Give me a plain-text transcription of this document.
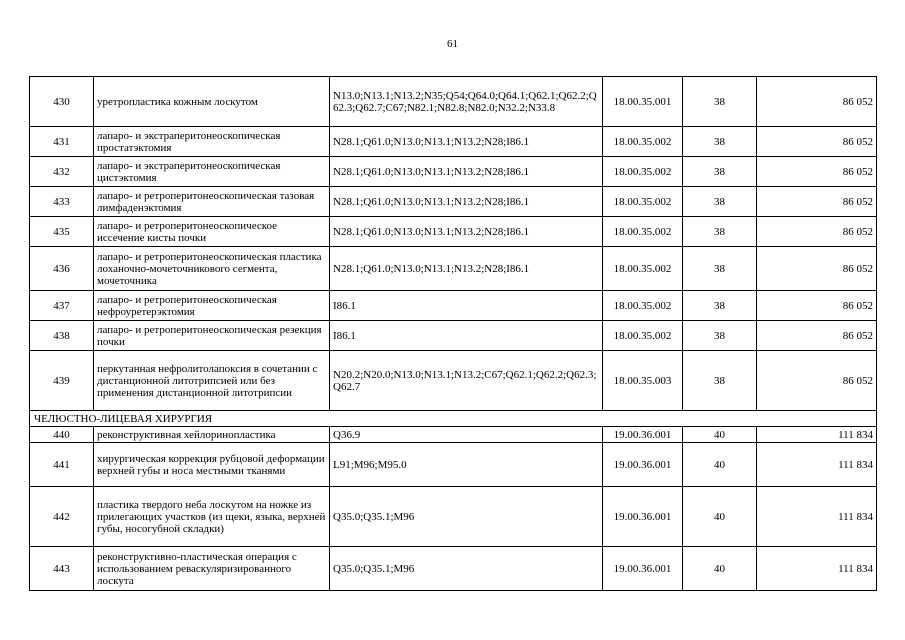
61
430	уретропластика кожным лоскутом	N13.0;N13.1;N13.2;N35;Q54;Q64.0;Q64.1;Q62.1;Q62.2;Q62.3;Q62.7;C67;N82.1;N82.8;N82.0;N32.2;N33.8	18.00.35.001	38	86 052
431	лапаро- и экстраперитонеоскопическая простатэктомия	N28.1;Q61.0;N13.0;N13.1;N13.2;N28;I86.1	18.00.35.002	38	86 052
432	лапаро- и экстраперитонеоскопическая цистэктомия	N28.1;Q61.0;N13.0;N13.1;N13.2;N28;I86.1	18.00.35.002	38	86 052
433	лапаро- и ретроперитонеоскопическая тазовая лимфаденэктомия	N28.1;Q61.0;N13.0;N13.1;N13.2;N28;I86.1	18.00.35.002	38	86 052
435	лапаро- и ретроперитонеоскопическое иссечение кисты почки	N28.1;Q61.0;N13.0;N13.1;N13.2;N28;I86.1	18.00.35.002	38	86 052
436	лапаро- и ретроперитонеоскопическая пластика лоханочно-мочеточникового сегмента, мочеточника	N28.1;Q61.0;N13.0;N13.1;N13.2;N28;I86.1	18.00.35.002	38	86 052
437	лапаро- и ретроперитонеоскопическая нефроуретерэктомия	I86.1	18.00.35.002	38	86 052
438	лапаро- и ретроперитонеоскопическая резекция почки	I86.1	18.00.35.002	38	86 052
439	перкутанная нефролитолапоксия в сочетании с дистанционной литотрипсией или без применения дистанционной литотрипсии	N20.2;N20.0;N13.0;N13.1;N13.2;C67;Q62.1;Q62.2;Q62.3;Q62.7	18.00.35.003	38	86 052
ЧЕЛЮСТНО-ЛИЦЕВАЯ ХИРУРГИЯ					
440	реконструктивная хейлоринопластика	Q36.9	19.00.36.001	40	111 834
441	хирургическая коррекция рубцовой деформации верхней губы и носа местными тканями	L91;M96;M95.0	19.00.36.001	40	111 834
442	пластика твердого неба лоскутом на ножке из прилегающих участков (из щеки, языка, верхней губы, носогубной складки)	Q35.0;Q35.1;M96	19.00.36.001	40	111 834
443	реконструктивно-пластическая операция с использованием реваскуляризированного лоскута	Q35.0;Q35.1;M96	19.00.36.001	40	111 834
